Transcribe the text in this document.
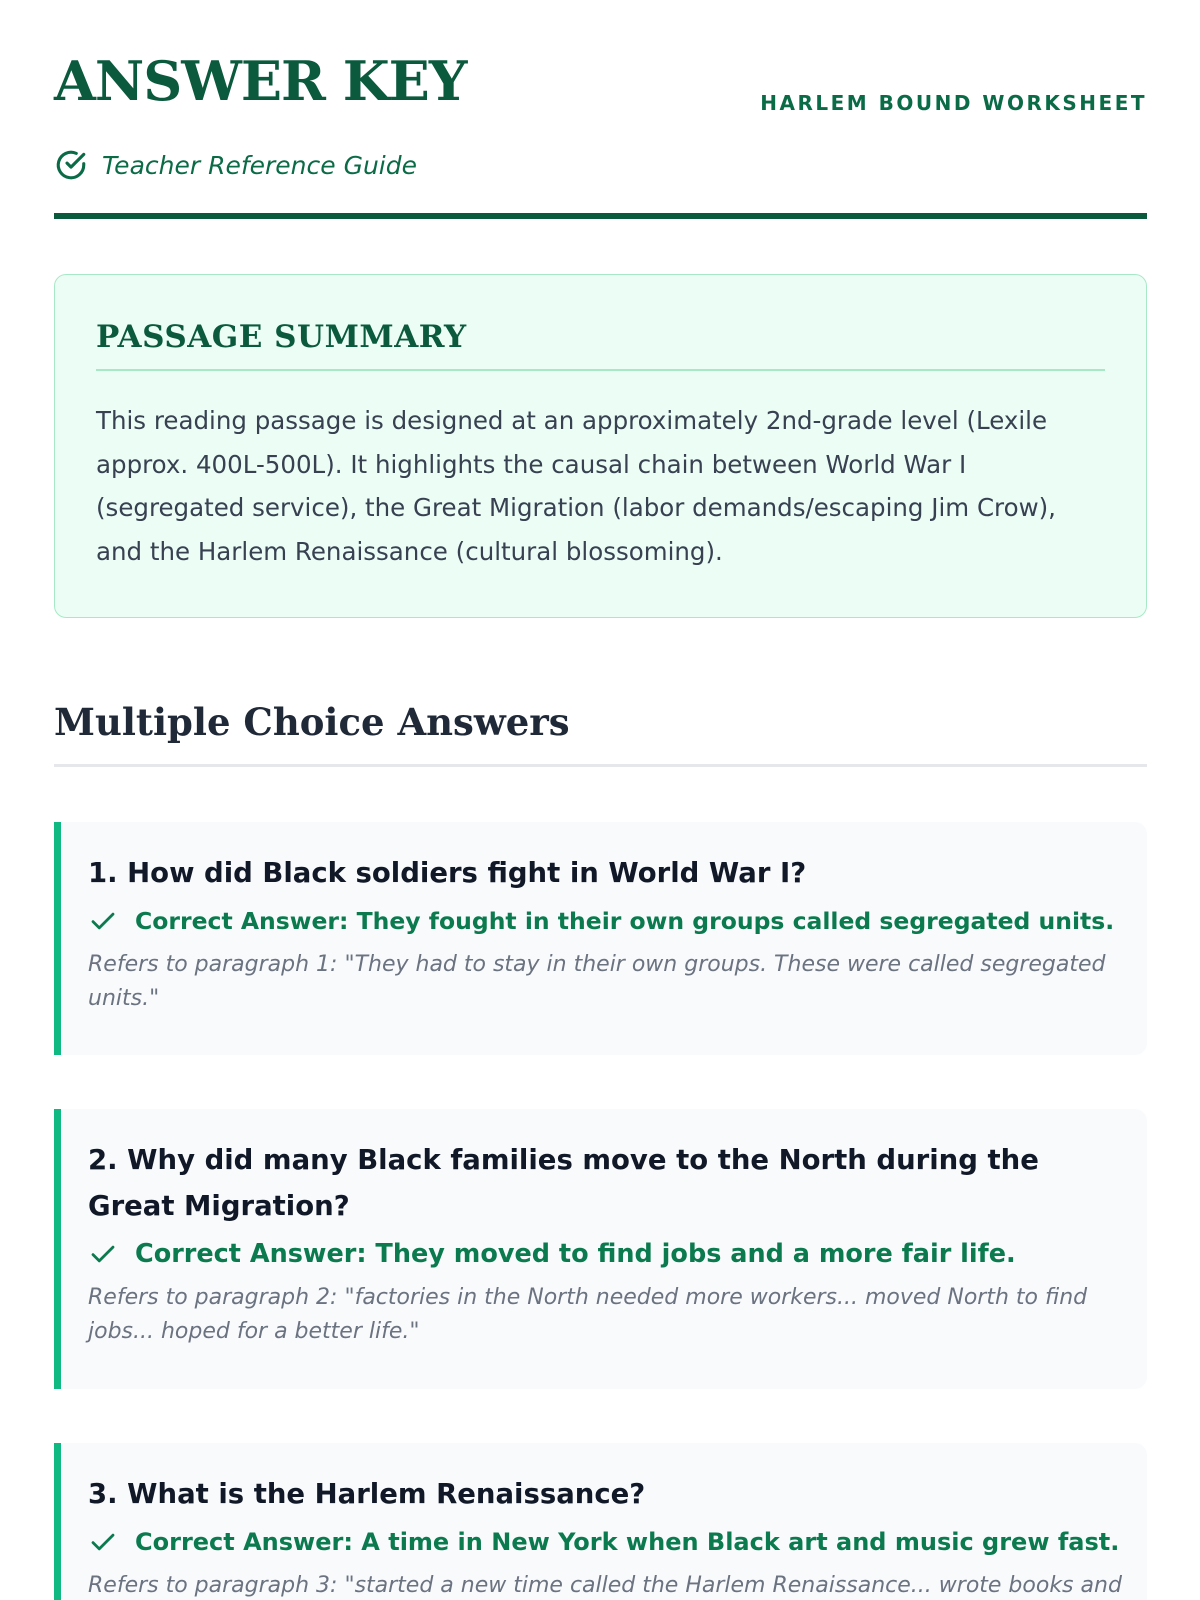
ANSWER KEY	HARLEM BOUND WORKSHEET
Teacher Reference Guide
PASSAGE SUMMARY

This reading passage is designed at an approximately 2nd-grade level (Lexile approx. 400L-500L). It highlights the causal chain between World War I (segregated service), the Great Migration (labor demands/escaping Jim Crow), and the Harlem Renaissance (cultural blossoming).

Multiple Choice Answers

1. How did Black soldiers fight in World War I?

Correct Answer: They fought in their own groups called segregated units.

Refers to paragraph 1: "They had to stay in their own groups. These were called segregated units."

2. Why did many Black families move to the North during the Great Migration?

Correct Answer: They moved to find jobs and a more fair life.

Refers to paragraph 2: "factories in the North needed more workers... moved North to find jobs... hoped for a better life."

3. What is the Harlem Renaissance?

Correct Answer: A time in New York when Black art and music grew fast.

Refers to paragraph 3: "started a new time called the Harlem Renaissance... wrote books and
